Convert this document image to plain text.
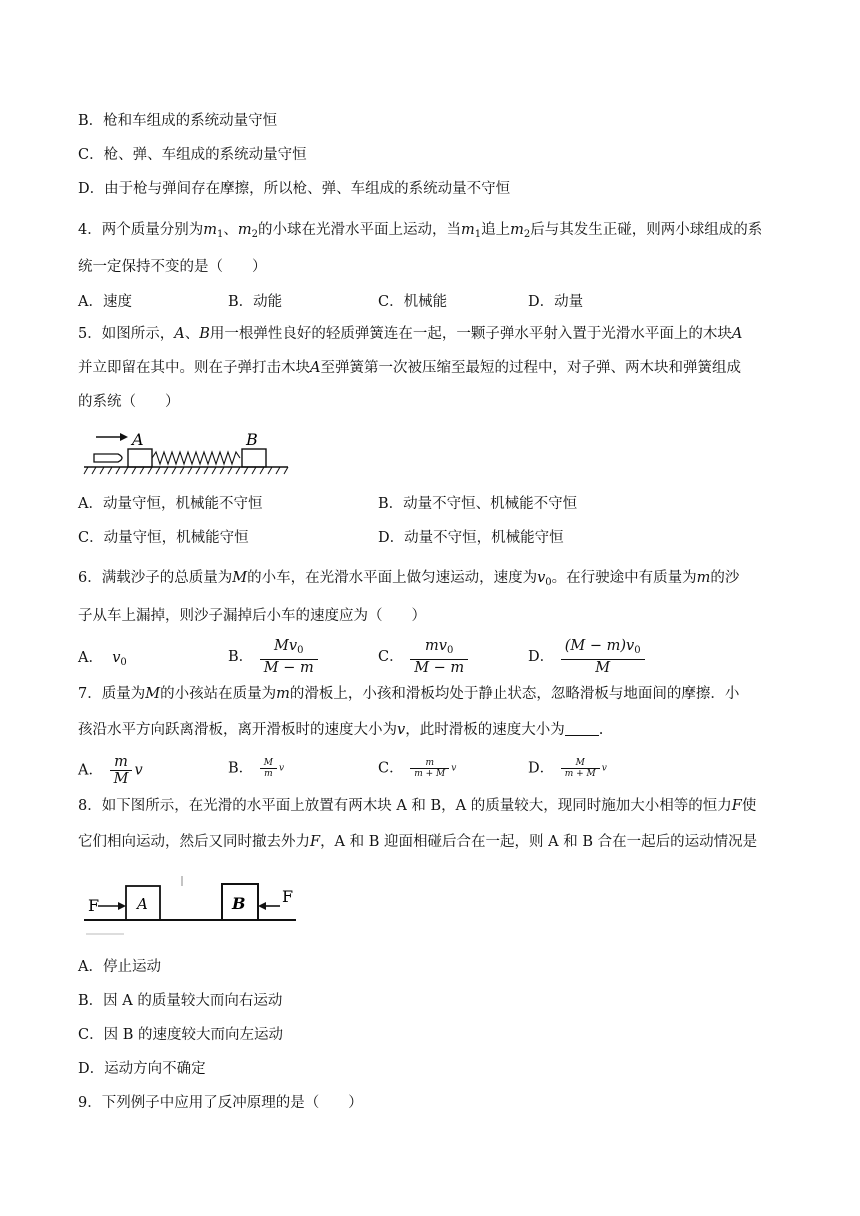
B．枪和车组成的系统动量守恒
C．枪、弹、车组成的系统动量守恒
D．由于枪与弹间存在摩擦，所以枪、弹、车组成的系统动量不守恒
4．两个质量分别为$m_1$、$m_2$的小球在光滑水平面上运动，当$m_1$追上$m_2$后与其发生正碰，则两小球组成的系
统一定保持不变的是（　　）
A．速度	B．动能	C．机械能	D．动量
5．如图所示，A、B用一根弹性良好的轻质弹簧连在一起，一颗子弹水平射入置于光滑水平面上的木块A
并立即留在其中。则在子弹打击木块A至弹簧第一次被压缩至最短的过程中，对子弹、两木块和弹簧组成
的系统（　　）
A	B
A．动量守恒，机械能不守恒	B．动量不守恒、机械能不守恒
C．动量守恒，机械能守恒	D．动量不守恒，机械能守恒
6．满载沙子的总质量为M的小车，在光滑水平面上做匀速运动，速度为$v_0$。在行驶途中有质量为m的沙
子从车上漏掉，则沙子漏掉后小车的速度应为（　　）
A． $v_0$	B． $\frac{Mv_0}{M - m}$	C． $\frac{mv_0}{M - m}$	D． $\frac{(M - m)v_0}{M}$
7．质量为M的小孩站在质量为m的滑板上，小孩和滑板均处于静止状态，忽略滑板与地面间的摩擦．小
孩沿水平方向跃离滑板，离开滑板时的速度大小为v，此时滑板的速度大小为 .
A． $\frac{m}{M}$ v	B． $\frac{M}{m}$ v	C． $\frac{m}{m + M}$ v	D． $\frac{M}{m + M}$ v
8．如下图所示，在光滑的水平面上放置有两木块 A 和 B，A 的质量较大，现同时施加大小相等的恒力F使
它们相向运动，然后又同时撤去外力F，A 和 B 迎面相碰后合在一起，则 A 和 B 合在一起后的运动情况是
F	A	B F
A．停止运动
B．因 A 的质量较大而向右运动
C．因 B 的速度较大而向左运动
D．运动方向不确定
9．下列例子中应用了反冲原理的是（　　）
